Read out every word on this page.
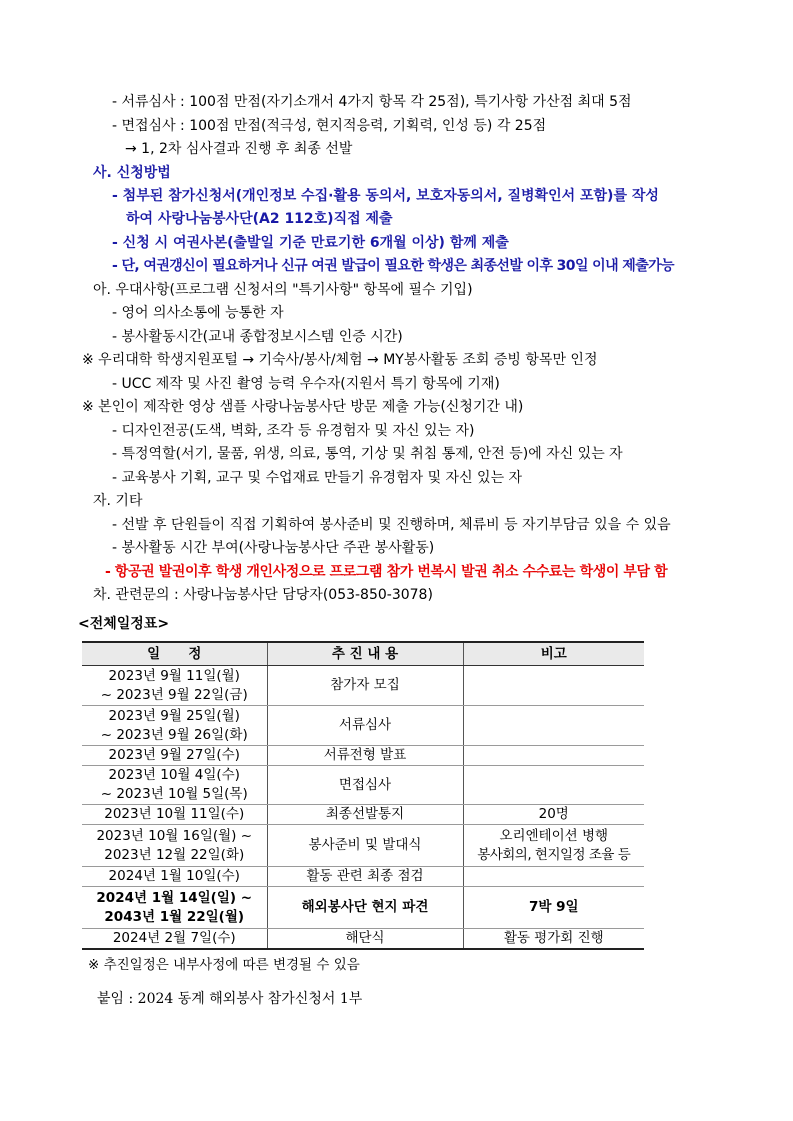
- 서류심사 : 100점 만점(자기소개서 4가지 항목 각 25점), 특기사항 가산점 최대 5점
- 면접심사 : 100점 만점(적극성, 현지적응력, 기획력, 인성 등) 각 25점
→ 1, 2차 심사결과 진행 후 최종 선발
사. 신청방법
- 첨부된 참가신청서(개인정보 수집·활용 동의서, 보호자동의서, 질병확인서 포함)를 작성
하여 사랑나눔봉사단(A2 112호)직접 제출
- 신청 시 여권사본(출발일 기준 만료기한 6개월 이상) 함께 제출
- 단, 여권갱신이 필요하거나 신규 여권 발급이 필요한 학생은 최종선발 이후 30일 이내 제출가능
아. 우대사항(프로그램 신청서의 "특기사항" 항목에 필수 기입)
- 영어 의사소통에 능통한 자
- 봉사활동시간(교내 종합정보시스템 인증 시간)
※ 우리대학 학생지원포털 → 기숙사/봉사/체험 → MY봉사활동 조회 증빙 항목만 인정
- UCC 제작 및 사진 촬영 능력 우수자(지원서 특기 항목에 기재)
※ 본인이 제작한 영상 샘플 사랑나눔봉사단 방문 제출 가능(신청기간 내)
- 디자인전공(도색, 벽화, 조각 등 유경험자 및 자신 있는 자)
- 특정역할(서기, 물품, 위생, 의료, 통역, 기상 및 취침 통제, 안전 등)에 자신 있는 자
- 교육봉사 기획, 교구 및 수업재료 만들기 유경험자 및 자신 있는 자
자. 기타
- 선발 후 단원들이 직접 기획하여 봉사준비 및 진행하며, 체류비 등 자기부담금 있을 수 있음
- 봉사활동 시간 부여(사랑나눔봉사단 주관 봉사활동)
- 항공권 발권이후 학생 개인사정으로 프로그램 참가 번복시 발권 취소 수수료는 학생이 부담 함
차. 관련문의 : 사랑나눔봉사단 담당자(053-850-3078)
<전체일정표>
일      정	추 진 내 용	비고

2023년 9월 11일(월)
~ 2023년 9월 22일(금)	참가자 모집	

2023년 9월 25일(월)
~ 2023년 9월 26일(화)	서류심사	
2023년 9월 27일(수)	서류전형 발표	

2023년 10월 4일(수)
~ 2023년 10월 5일(목)	면접심사	
2023년 10월 11일(수)	최종선발통지	20명

2023년 10월 16일(월) ~
2023년 12월 22일(화)	봉사준비 및 발대식	오리엔테이션 병행
봉사회의, 현지일정 조율 등

2024년 1월 10일(수)	활동 관련 최종 점검	

2024년 1월 14일(일) ~
2043년 1월 22일(월)	해외봉사단 현지 파견	7박 9일
2024년 2월 7일(수)	해단식	활동 평가회 진행
※ 추진일정은 내부사정에 따른 변경될 수 있음
붙임 : 2024 동계 해외봉사 참가신청서 1부
